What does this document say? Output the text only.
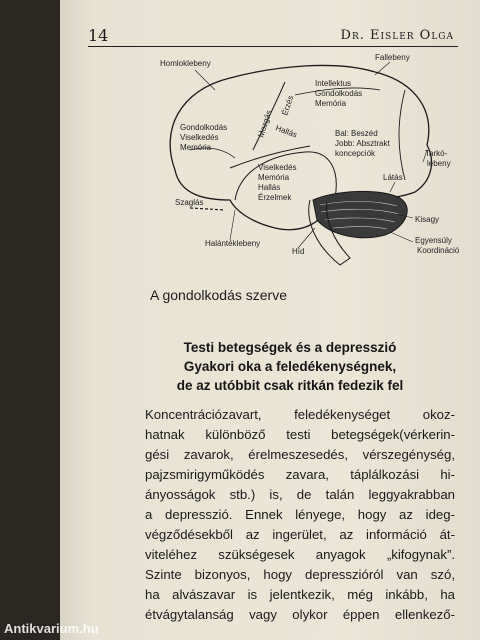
14	Dr. Eisler Olga
Homloklebeny
Fallebeny
Intellektus
Gondolkodás
Memória
Mozgás
Érzés
Hallás
Gondolkodás
Viselkedés
Memória
Bal: Beszéd
Jobb: Absztrakt
koncepciók	Tarkó-
lebeny
Viselkedés
Memória
Hallás
Érzelmek
Látás
Szaglás
Kisagy
Egyensúly
Koordináció
Halántéklebeny
Híd
A gondolkodás szerve
Testi betegségek és a depresszió
Gyakori oka a feledékenységnek,
de az utóbbit csak ritkán fedezik fel
Koncentrációzavart, feledékenységet okoz-
hatnak különböző testi betegségek(vérkerin-
gési zavarok, érelmeszesedés, vérszegénység,
pajzsmirigyműködés zavara, táplálkozási hi-
ányosságok stb.) is, de talán leggyakrabban
a depresszió. Ennek lényege, hogy az ideg-
végződésekből az ingerület, az információ át-
viteléhez szükségesek anyagok „kifogynak”.
Szinte bizonyos, hogy depresszióról van szó,
ha alvászavar is jelentkezik, még inkább, ha
étvágytalanság vagy olykor éppen ellenkező-
Antikvarium.hu
